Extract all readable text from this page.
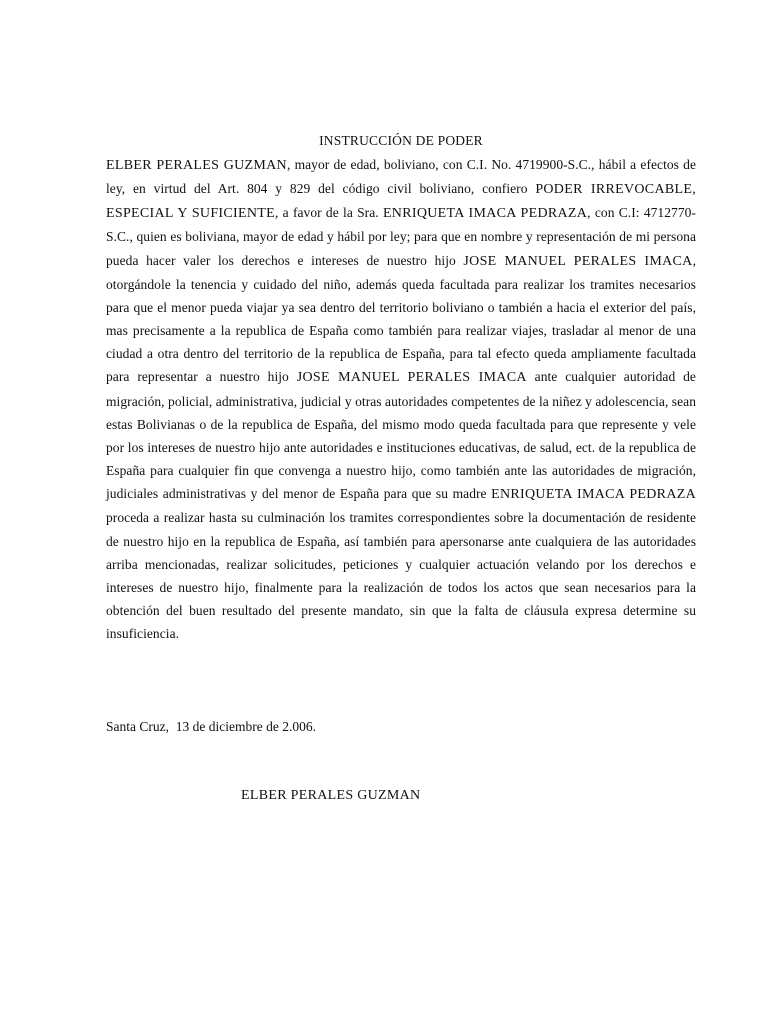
INSTRUCCIÓN DE PODER
ELBER PERALES GUZMAN, mayor de edad, boliviano, con C.I. No. 4719900-S.C., hábil a efectos de ley, en virtud del Art. 804 y 829 del código civil boliviano, confiero PODER IRREVOCABLE, ESPECIAL Y SUFICIENTE, a favor de la Sra. ENRIQUETA IMACA PEDRAZA, con C.I: 4712770-S.C., quien es boliviana, mayor de edad y hábil por ley; para que en nombre y representación de mi persona pueda hacer valer los derechos e intereses de nuestro hijo JOSE MANUEL PERALES IMACA, otorgándole la tenencia y cuidado del niño, además queda facultada para realizar los tramites necesarios para que el menor pueda viajar ya sea dentro del territorio boliviano o también a hacia el exterior del país, mas precisamente a la republica de España como también para realizar viajes, trasladar al menor de una ciudad a otra dentro del territorio de la republica de España, para tal efecto queda ampliamente facultada para representar a nuestro hijo JOSE MANUEL PERALES IMACA ante cualquier autoridad de migración, policial, administrativa, judicial y otras autoridades competentes de la niñez y adolescencia, sean estas Bolivianas o de la republica de España, del mismo modo queda facultada para que represente y vele por los intereses de nuestro hijo ante autoridades e instituciones educativas, de salud, ect. de la republica de España para cualquier fin que convenga a nuestro hijo, como también ante las autoridades de migración, judiciales administrativas y del menor de España para que su madre ENRIQUETA IMACA PEDRAZA proceda a realizar hasta su culminación los tramites correspondientes sobre la documentación de residente de nuestro hijo en la republica de España, así también para apersonarse ante cualquiera de las autoridades arriba mencionadas, realizar solicitudes, peticiones y cualquier actuación velando por los derechos e intereses de nuestro hijo, finalmente para la realización de todos los actos que sean necesarios para la obtención del buen resultado del presente mandato, sin que la falta de cláusula expresa determine su insuficiencia.
Santa Cruz,  13 de diciembre de 2.006.
ELBER PERALES GUZMAN
